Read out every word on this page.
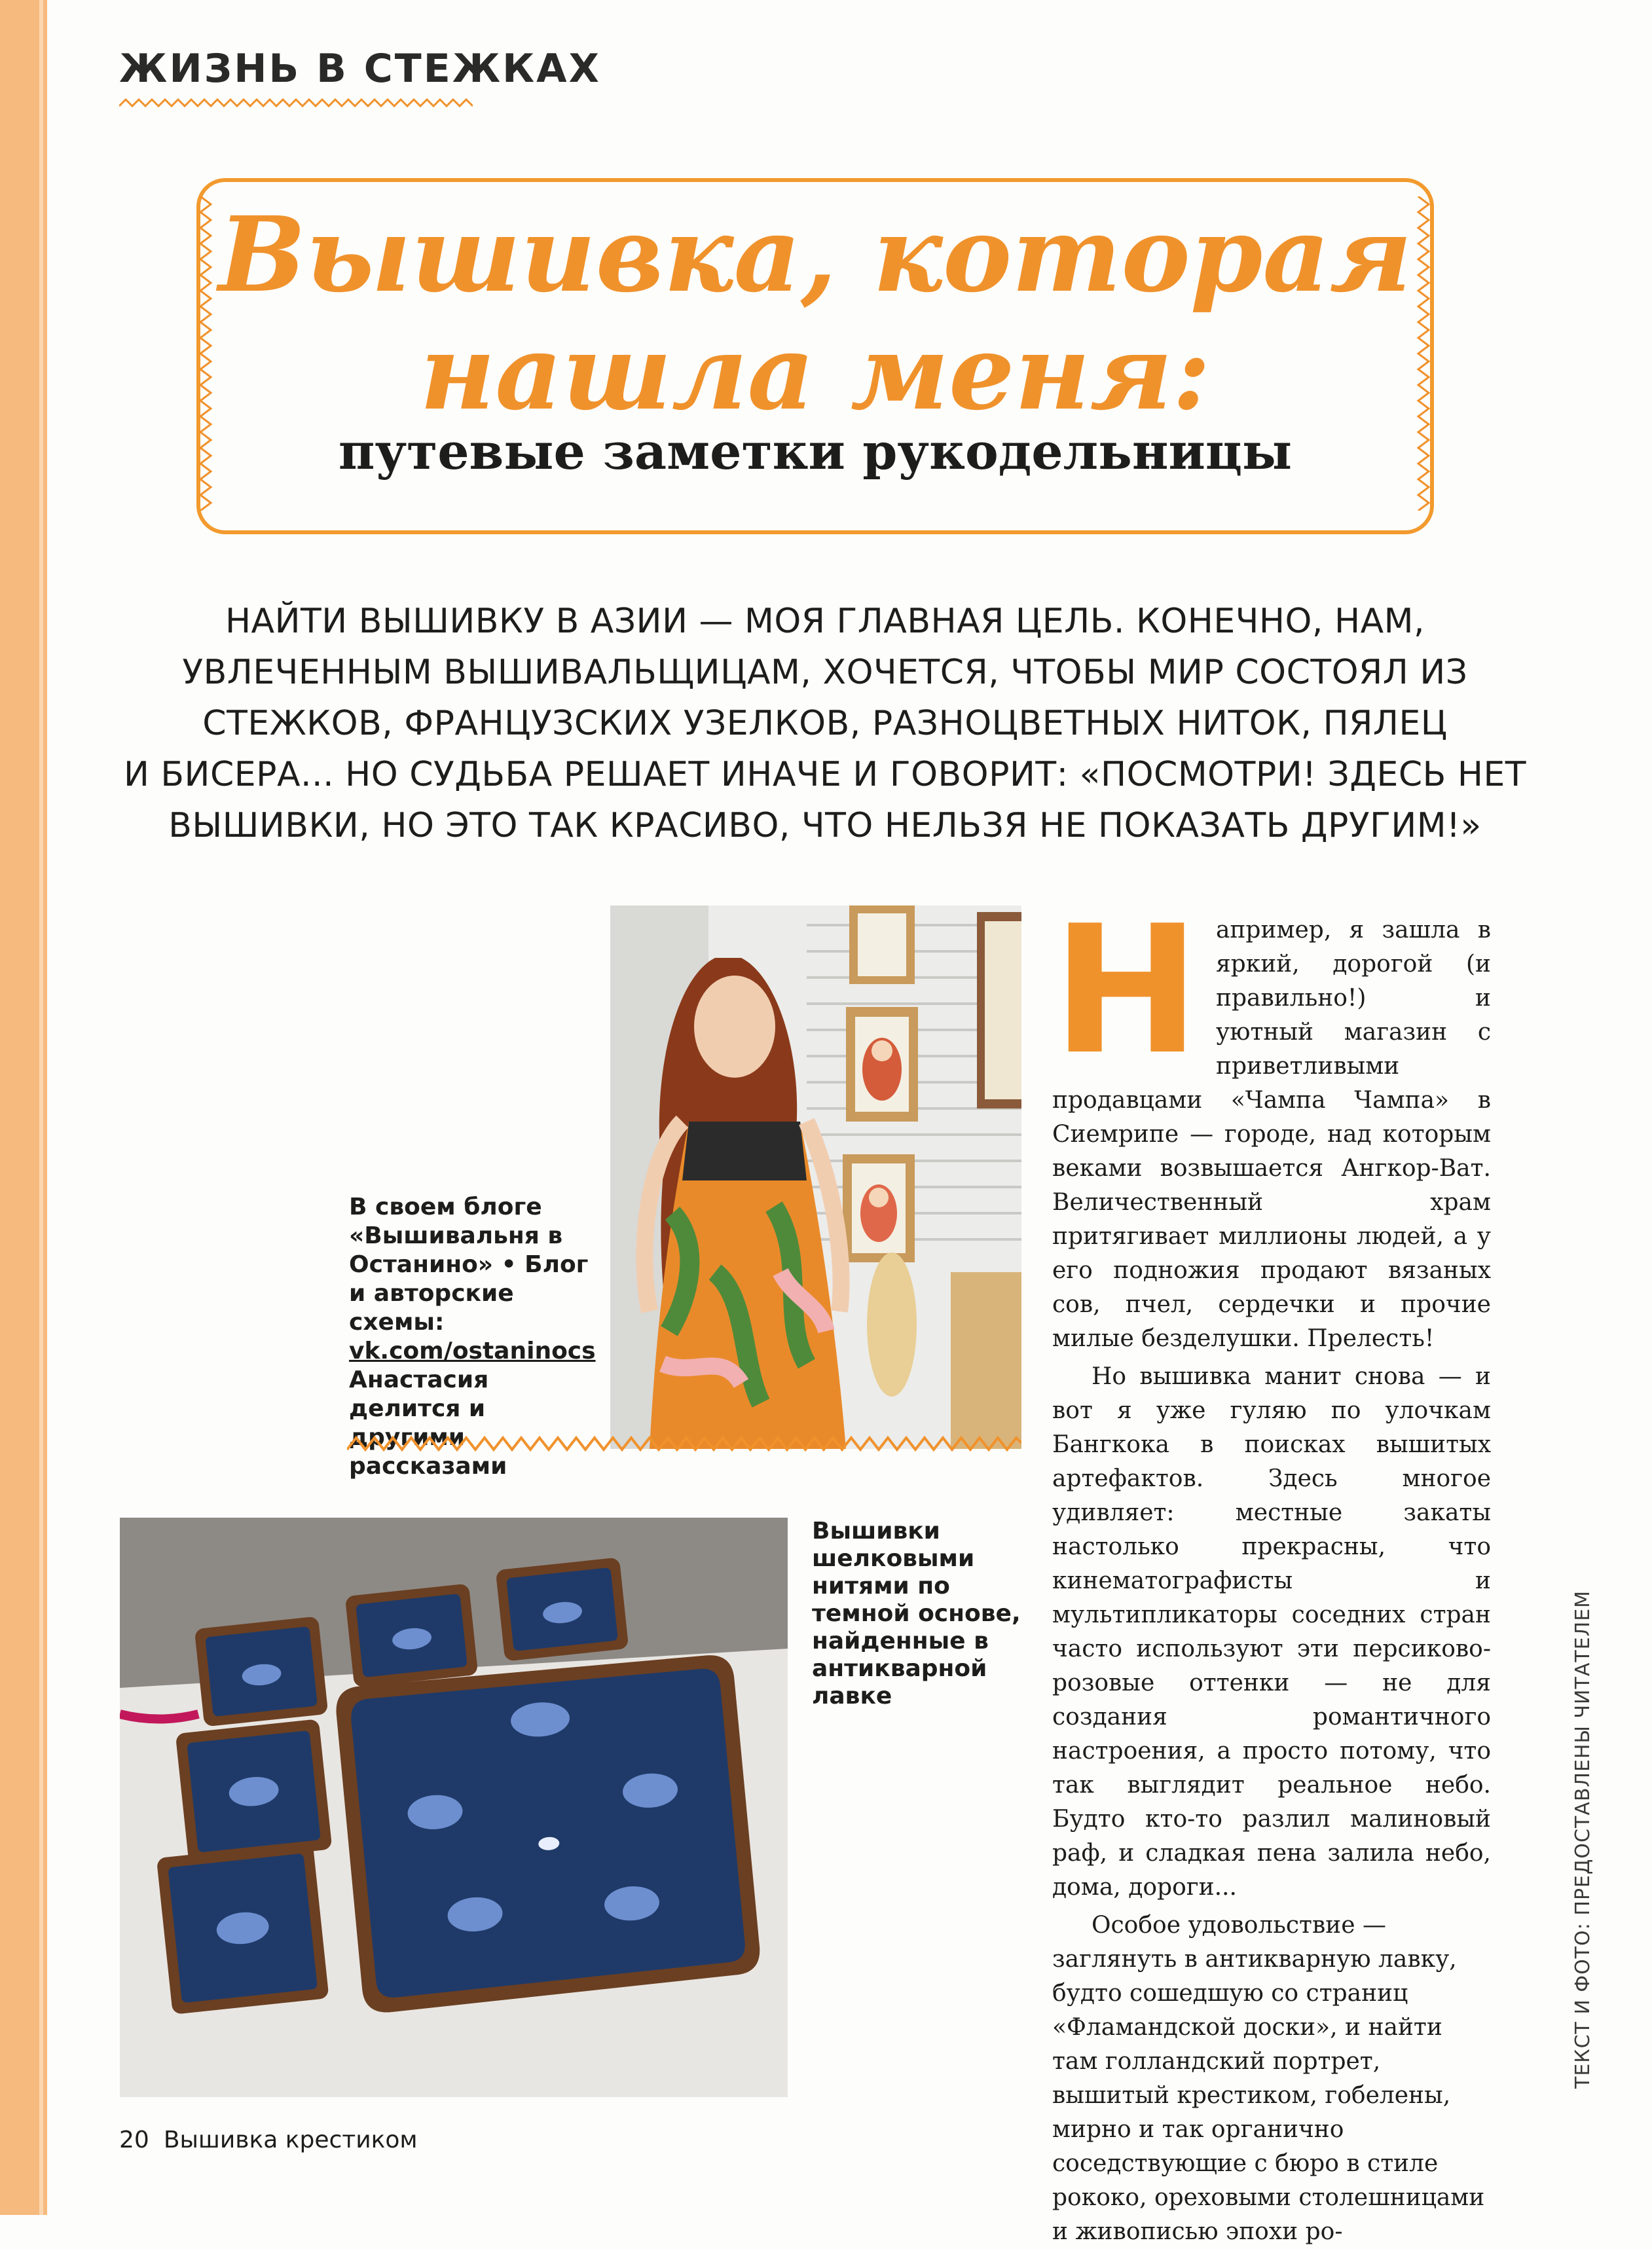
ЖИЗНЬ В СТЕЖКАХ
Вышивка, которая
нашла меня:
путевые заметки рукодельницы
НАЙТИ ВЫШИВКУ В АЗИИ — МОЯ ГЛАВНАЯ ЦЕЛЬ. КОНЕЧНО, НАМ,
УВЛЕЧЕННЫМ ВЫШИВАЛЬЩИЦАМ, ХОЧЕТСЯ, ЧТОБЫ МИР СОСТОЯЛ ИЗ
СТЕЖКОВ, ФРАНЦУЗСКИХ УЗЕЛКОВ, РАЗНОЦВЕТНЫХ НИТОК, ПЯЛЕЦ
И БИСЕРА... НО СУДЬБА РЕШАЕТ ИНАЧЕ И ГОВОРИТ: «ПОСМОТРИ! ЗДЕСЬ НЕТ
ВЫШИВКИ, НО ЭТО ТАК КРАСИВО, ЧТО НЕЛЬЗЯ НЕ ПОКАЗАТЬ ДРУГИМ!»
В своем блоге «Вышивальня в Останино» • Блог и авторские схемы: vk.com/ostaninocs Анастасия делится и другими рассказами
Вышивки шелковыми нитями по темной основе, найденные в антикварной лавке

Н апример, я зашла в яркий, дорогой (и правильно!) и уютный магазин с приветливыми продавцами «Чампа Чампа» в Сиемрипе — городе, над которым веками возвышается Ангкор-Ват. Величественный храм притягивает миллионы людей, а у его подножия продают вязаных сов, пчел, сердечки и прочие милые безделушки. Прелесть!

Но вышивка манит снова — и вот я уже гуляю по улочкам Бангкока в поисках вышитых артефактов. Здесь многое удивляет: местные закаты настолько прекрасны, что кинематографисты и мультипликаторы соседних стран часто используют эти персиково-розовые оттенки — не для создания романтичного настроения, а просто потому, что так выглядит реальное небо. Будто кто-то разлил малиновый раф, и сладкая пена залила небо, дома, дороги...

Особое удовольствие — заглянуть в антикварную лавку, будто сошедшую со страниц «Фламандской доски», и найти там голландский портрет, вышитый крестиком, гобелены, мирно и так органично соседствующие с бюро в стиле рококо, ореховыми столешницами и живописью эпохи ро-

ТЕКСТ И ФОТО: ПРЕДОСТАВЛЕНЫ ЧИТАТЕЛЕМ
20 Вышивка крестиком
